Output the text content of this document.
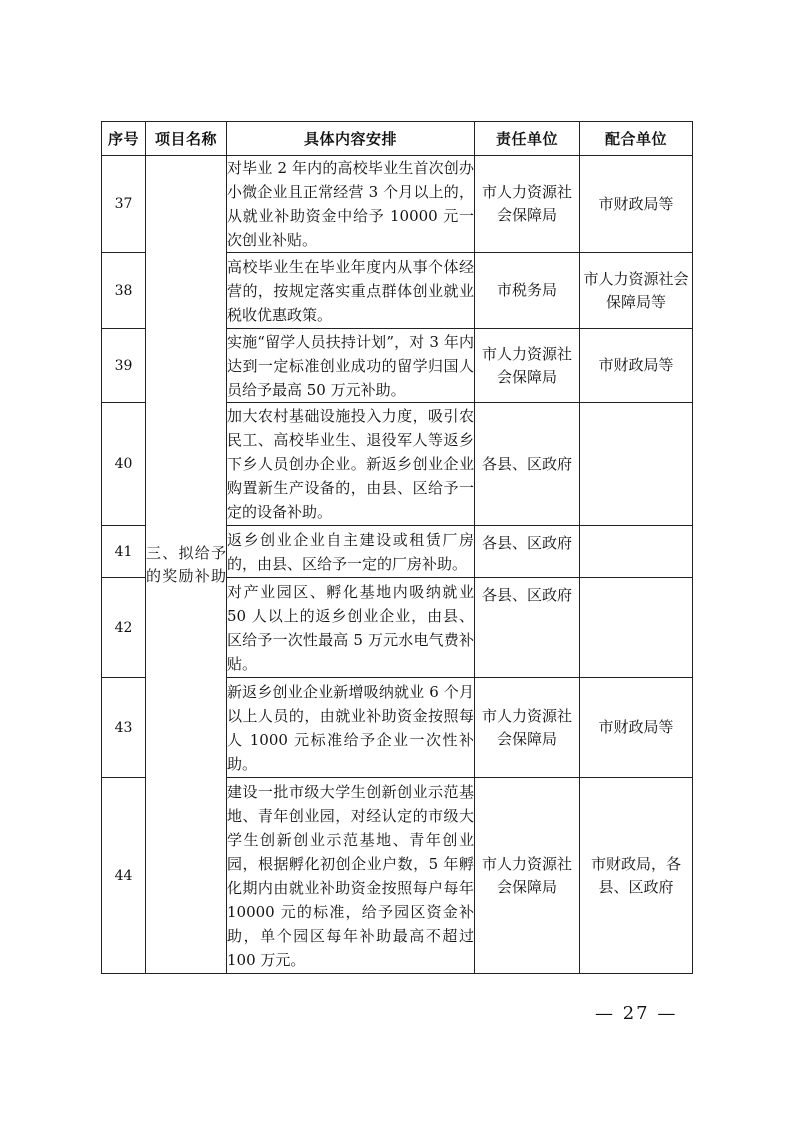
序号	项目名称	具体内容安排	责任单位	配合单位
37	三、拟给予的奖励补助	对毕业 2 年内的高校毕业生首次创办小微企业且正常经营 3 个月以上的，从就业补助资金中给予 10000 元一次创业补贴。	市人力资源社会保障局	市财政局等
38		高校毕业生在毕业年度内从事个体经营的，按规定落实重点群体创业就业税收优惠政策。	市税务局	市人力资源社会保障局等
39		实施“留学人员扶持计划”，对 3 年内达到一定标准创业成功的留学归国人员给予最高 50 万元补助。	市人力资源社会保障局	市财政局等
40		加大农村基础设施投入力度，吸引农民工、高校毕业生、退役军人等返乡下乡人员创办企业。新返乡创业企业购置新生产设备的，由县、区给予一定的设备补助。	各县、区政府	
41		返乡创业企业自主建设或租赁厂房的，由县、区给予一定的厂房补助。	各县、区政府	
42		对产业园区、孵化基地内吸纳就业 50 人以上的返乡创业企业，由县、区给予一次性最高 5 万元水电气费补贴。	各县、区政府	
43		新返乡创业企业新增吸纳就业 6 个月以上人员的，由就业补助资金按照每人 1000 元标准给予企业一次性补助。	市人力资源社会保障局	市财政局等
44		建设一批市级大学生创新创业示范基地、青年创业园，对经认定的市级大学生创新创业示范基地、青年创业园，根据孵化初创企业户数，5 年孵化期内由就业补助资金按照每户每年 10000 元的标准，给予园区资金补助，单个园区每年补助最高不超过 100 万元。	市人力资源社会保障局	市财政局，各县、区政府
— 27 —
